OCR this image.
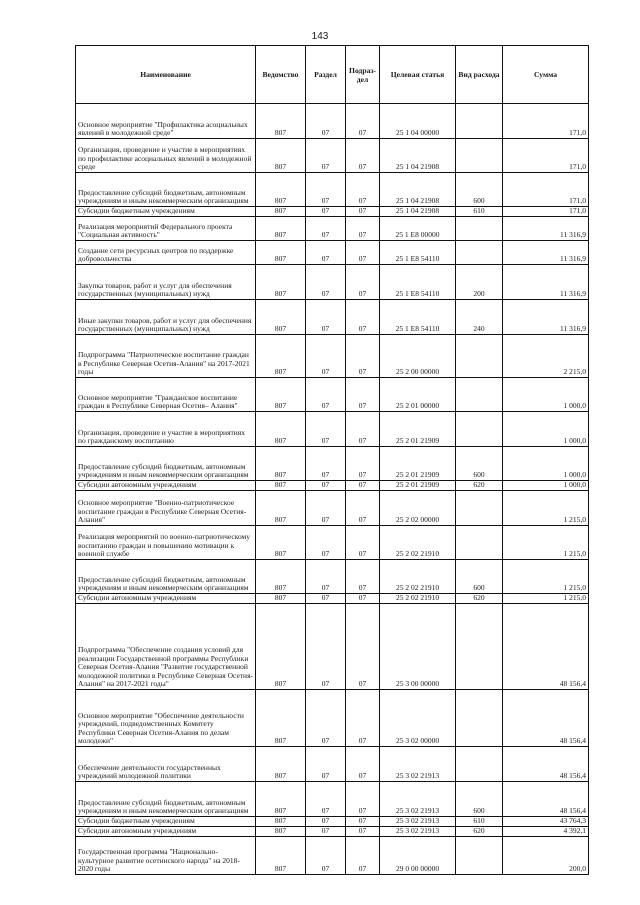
143
Наименование	Ведомство	Раздел	Подраз-дел	Целевая статья	Вид расхода	Сумма
Основное мероприятие "Профилактика асоциальных явлений в молодежной среде"	807	07	07	25 1 04 00000		171,0
Организация, проведение и участие в мероприятиях по профилактике асоциальных явлений в молодежной среде	807	07	07	25 1 04 21908		171,0
Предоставление субсидий бюджетным, автономным учреждениям и иным некоммерческим организациям	807	07	07	25 1 04 21908	600	171,0
Субсидии бюджетным учреждениям	807	07	07	25 1 04 21908	610	171,0
Реализация мероприятий Федерального проекта "Социальная активность"	807	07	07	25 1 E8 00000		11 316,9
Создание сети ресурсных центров по поддержке добровольчества	807	07	07	25 1 E8 54110		11 316,9
Закупка товаров, работ и услуг для обеспечения государственных (муниципальных) нужд	807	07	07	25 1 E8 54110	200	11 316,9
Иные закупки товаров, работ и услуг для обеспечения государственных (муниципальных) нужд	807	07	07	25 1 E8 54110	240	11 316,9
Подпрограмма "Патриотическое воспитание граждан в Республике Северная Осетия-Алания" на 2017-2021 годы	807	07	07	25 2 00 00000		2 215,0
Основное мероприятие "Гражданское воспитание граждан в Республике Северная Осетия– Алания"	807	07	07	25 2 01 00000		1 000,0
Организация, проведение и участие в мероприятиях по гражданскому воспитанию	807	07	07	25 2 01 21909		1 000,0
Предоставление субсидий бюджетным, автономным учреждениям и иным некоммерческим организациям	807	07	07	25 2 01 21909	600	1 000,0
Субсидии автономным учреждениям	807	07	07	25 2 01 21909	620	1 000,0
Основное мероприятие "Военно-патриотическое воспитание граждан в Республике Северная Осетия- Алания"	807	07	07	25 2 02 00000		1 215,0
Реализация мероприятий по военно-патриотическому воспитанию граждан и повышению мотивации к военной службе	807	07	07	25 2 02 21910		1 215,0
Предоставление субсидий бюджетным, автономным учреждениям и иным некоммерческим организациям	807	07	07	25 2 02 21910	600	1 215,0
Субсидии автономным учреждениям	807	07	07	25 2 02 21910	620	1 215,0
Подпрограмма "Обеспечение создания условий для реализации Государственной программы Республики Северная Осетия-Алания "Развитие государственной молодежной политики в Республике Северная Осетия-Алания" на 2017-2021 годы"	807	07	07	25 3 00 00000		48 156,4
Основное мероприятие "Обеспечение деятельности учреждений, подведомственных Комитету Республики Северная Осетия-Алания по делам молодежи"	807	07	07	25 3 02 00000		48 156,4
Обеспечение деятельности государственных учреждений молодежной политики	807	07	07	25 3 02 21913		48 156,4
Предоставление субсидий бюджетным, автономным учреждениям и иным некоммерческим организациям	807	07	07	25 3 02 21913	600	48 156,4
Субсидии бюджетным учреждениям	807	07	07	25 3 02 21913	610	43 764,3
Субсидии автономным учреждениям	807	07	07	25 3 02 21913	620	4 392,1
Государственная программа "Национально-культурное развитие осетинского народа" на 2018-2020 годы	807	07	07	29 0 00 00000		200,0
